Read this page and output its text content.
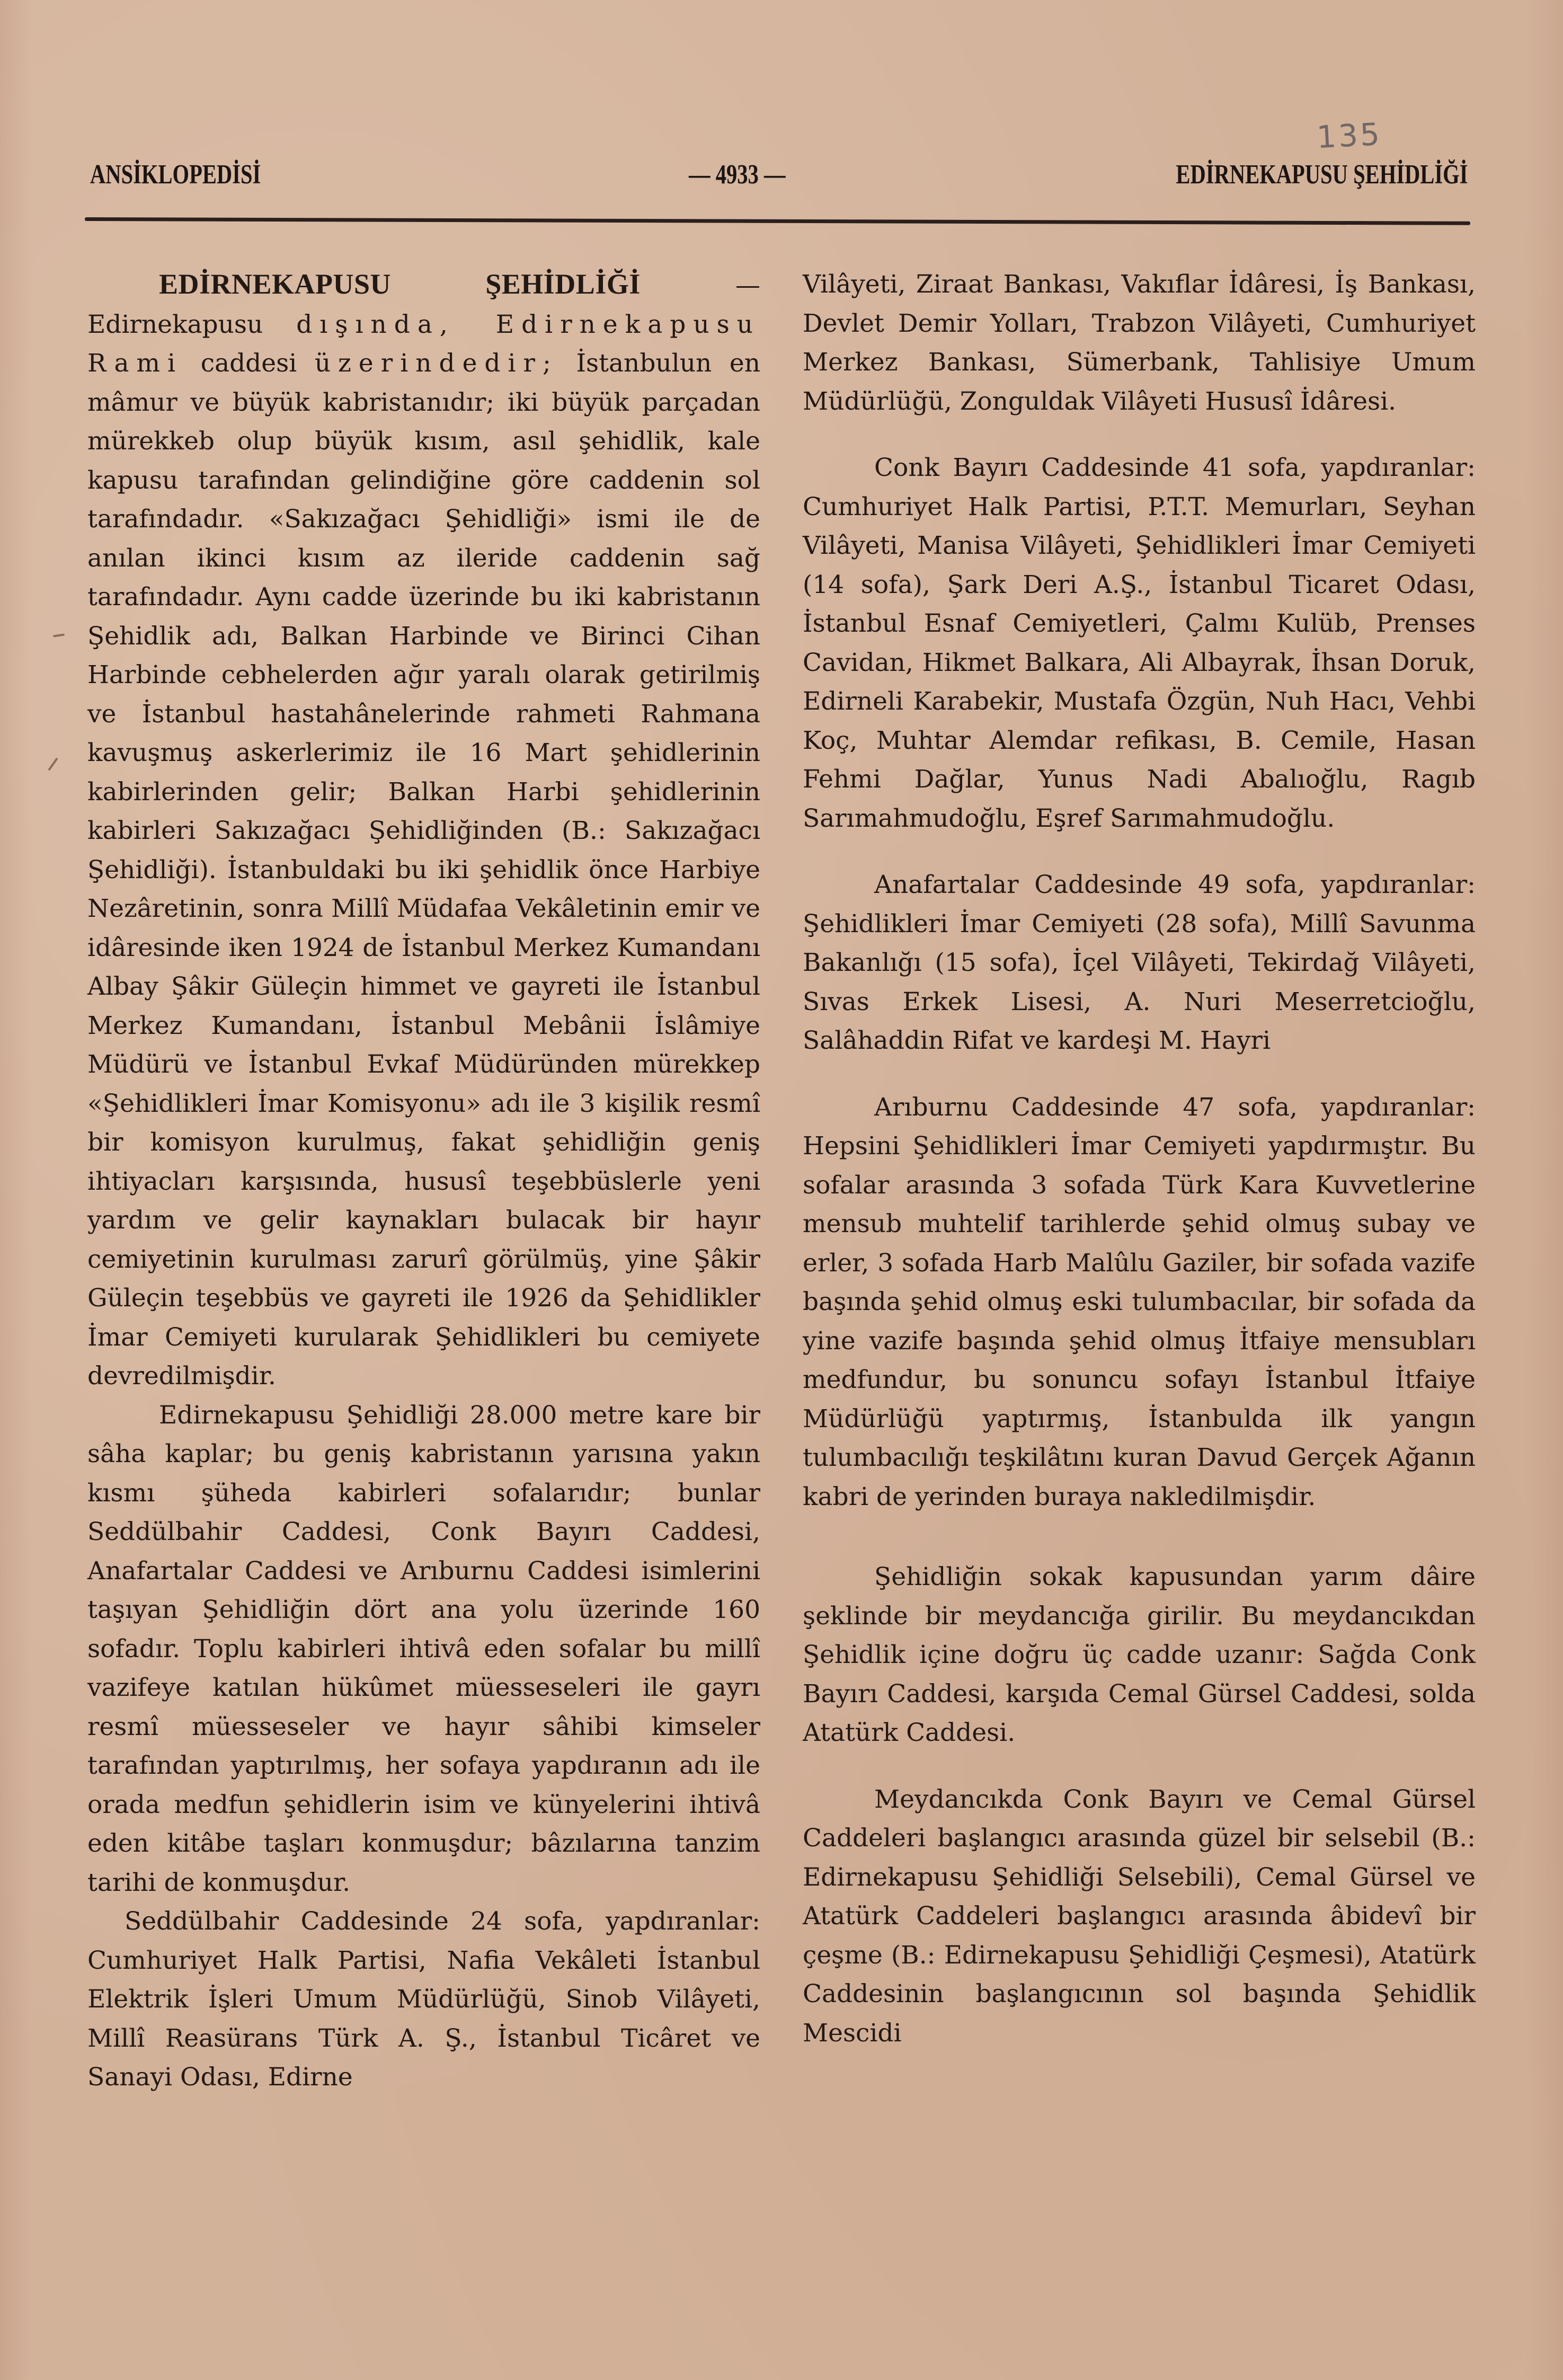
135
ANSİKLOPEDİSİ	— 4933 —	EDİRNEKAPUSU ŞEHİDLİĞİ

EDİRNEKAPUSU ŞEHİDLİĞİ — Edirnekapusu dışında, Edirnekapusu Rami caddesi üzerindedir; İstanbulun en mâmur ve büyük kabristanıdır; iki büyük parçadan mürekkeb olup büyük kısım, asıl şehidlik, kale kapusu tarafından gelindiğine göre caddenin sol tarafındadır. «Sakızağacı Şehidliği» ismi ile de anılan ikinci kısım az ileride caddenin sağ tarafındadır. Aynı cadde üzerinde bu iki kabristanın Şehidlik adı, Balkan Harbinde ve Birinci Cihan Harbinde cebhelerden ağır yaralı olarak getirilmiş ve İstanbul hastahânelerinde rahmeti Rahmana kavuşmuş askerlerimiz ile 16 Mart şehidlerinin kabirlerinden gelir; Balkan Harbi şehidlerinin kabirleri Sakızağacı Şehidliğinden (B.: Sakızağacı Şehidliği). İstanbuldaki bu iki şehidlik önce Harbiye Nezâretinin, sonra Millî Müdafaa Vekâletinin emir ve idâresinde iken 1924 de İstanbul Merkez Kumandanı Albay Şâkir Güleçin himmet ve gayreti ile İstanbul Merkez Kumandanı, İstanbul Mebânii İslâmiye Müdürü ve İstanbul Evkaf Müdüründen mürekkep «Şehidlikleri İmar Komisyonu» adı ile 3 kişilik resmî bir komisyon kurulmuş, fakat şehidliğin geniş ihtiyacları karşısında, hususî teşebbüslerle yeni yardım ve gelir kaynakları bulacak bir hayır cemiyetinin kurulması zarurî görülmüş, yine Şâkir Güleçin teşebbüs ve gayreti ile 1926 da Şehidlikler İmar Cemiyeti kurularak Şehidlikleri bu cemiyete devredilmişdir.

Edirnekapusu Şehidliği 28.000 metre kare bir sâha kaplar; bu geniş kabristanın yarısına yakın kısmı şüheda kabirleri sofalarıdır; bunlar Seddülbahir Caddesi, Conk Bayırı Caddesi, Anafartalar Caddesi ve Arıburnu Caddesi isimlerini taşıyan Şehidliğin dört ana yolu üzerinde 160 sofadır. Toplu kabirleri ihtivâ eden sofalar bu millî vazifeye katılan hükûmet müesseseleri ile gayrı resmî müesseseler ve hayır sâhibi kimseler tarafından yaptırılmış, her sofaya yapdıranın adı ile orada medfun şehidlerin isim ve künyelerini ihtivâ eden kitâbe taşları konmuşdur; bâzılarına tanzim tarihi de konmuşdur.

Seddülbahir Caddesinde 24 sofa, yapdıranlar: Cumhuriyet Halk Partisi, Nafia Vekâleti İstanbul Elektrik İşleri Umum Müdürlüğü, Sinob Vilâyeti, Millî Reasürans Türk A. Ş., İstanbul Ticâret ve Sanayi Odası, Edirne

Vilâyeti, Ziraat Bankası, Vakıflar İdâresi, İş Bankası, Devlet Demir Yolları, Trabzon Vilâyeti, Cumhuriyet Merkez Bankası, Sümerbank, Tahlisiye Umum Müdürlüğü, Zonguldak Vilâyeti Hususî İdâresi.

Conk Bayırı Caddesinde 41 sofa, yapdıranlar: Cumhuriyet Halk Partisi, P.T.T. Memurları, Seyhan Vilâyeti, Manisa Vilâyeti, Şehidlikleri İmar Cemiyeti (14 sofa), Şark Deri A.Ş., İstanbul Ticaret Odası, İstanbul Esnaf Cemiyetleri, Çalmı Kulüb, Prenses Cavidan, Hikmet Balkara, Ali Albayrak, İhsan Doruk, Edirneli Karabekir, Mustafa Özgün, Nuh Hacı, Vehbi Koç, Muhtar Alemdar refikası, B. Cemile, Hasan Fehmi Dağlar, Yunus Nadi Abalıoğlu, Ragıb Sarımahmudoğlu, Eşref Sarımahmudoğlu.

Anafartalar Caddesinde 49 sofa, yapdıranlar: Şehidlikleri İmar Cemiyeti (28 sofa), Millî Savunma Bakanlığı (15 sofa), İçel Vilâyeti, Tekirdağ Vilâyeti, Sıvas Erkek Lisesi, A. Nuri Meserretcioğlu, Salâhaddin Rifat ve kardeşi M. Hayri

Arıburnu Caddesinde 47 sofa, yapdıranlar: Hepsini Şehidlikleri İmar Cemiyeti yapdırmıştır. Bu sofalar arasında 3 sofada Türk Kara Kuvvetlerine mensub muhtelif tarihlerde şehid olmuş subay ve erler, 3 sofada Harb Malûlu Gaziler, bir sofada vazife başında şehid olmuş eski tulumbacılar, bir sofada da yine vazife başında şehid olmuş İtfaiye mensubları medfundur, bu sonuncu sofayı İstanbul İtfaiye Müdürlüğü yaptırmış, İstanbulda ilk yangın tulumbacılığı teşkilâtını kuran Davud Gerçek Ağanın kabri de yerinden buraya nakledilmişdir.

Şehidliğin sokak kapusundan yarım dâire şeklinde bir meydancığa girilir. Bu meydancıkdan Şehidlik içine doğru üç cadde uzanır: Sağda Conk Bayırı Caddesi, karşıda Cemal Gürsel Caddesi, solda Atatürk Caddesi.

Meydancıkda Conk Bayırı ve Cemal Gürsel Caddeleri başlangıcı arasında güzel bir selsebil (B.: Edirnekapusu Şehidliği Selsebili), Cemal Gürsel ve Atatürk Caddeleri başlangıcı arasında âbidevî bir çeşme (B.: Edirnekapusu Şehidliği Çeşmesi), Atatürk Caddesinin başlangıcının sol başında Şehidlik Mescidi
